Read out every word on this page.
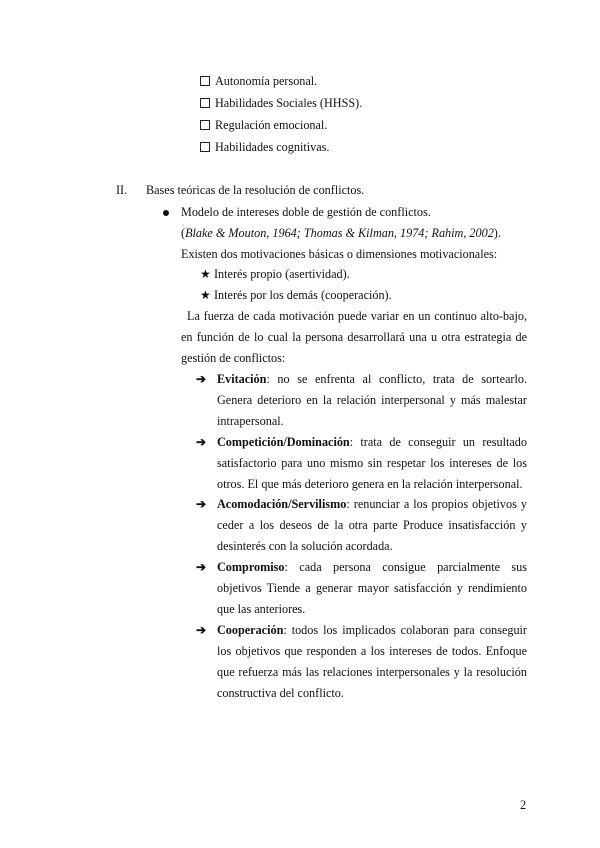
Autonomía personal.
Habilidades Sociales (HHSS).
Regulación emocional.
Habilidades cognitivas.
II. Bases teóricas de la resolución de conflictos.
Modelo de intereses doble de gestión de conflictos.
(Blake & Mouton, 1964; Thomas & Kilman, 1974; Rahim, 2002).
Existen dos motivaciones básicas o dimensiones motivacionales:
★ Interés propio (asertividad).
★ Interés por los demás (cooperación).
La fuerza de cada motivación puede variar en un continuo alto-bajo, en función de lo cual la persona desarrollará una u otra estrategia de gestión de conflictos:
➔ Evitación: no se enfrenta al conflicto, trata de sortearlo. Genera deterioro en la relación interpersonal y más malestar intrapersonal.
➔ Competición/Dominación: trata de conseguir un resultado satisfactorio para uno mismo sin respetar los intereses de los otros. El que más deterioro genera en la relación interpersonal.
➔ Acomodación/Servilismo: renunciar a los propios objetivos y ceder a los deseos de la otra parte Produce insatisfacción y desinterés con la solución acordada.
➔ Compromiso: cada persona consigue parcialmente sus objetivos Tiende a generar mayor satisfacción y rendimiento que las anteriores.
➔ Cooperación: todos los implicados colaboran para conseguir los objetivos que responden a los intereses de todos. Enfoque que refuerza más las relaciones interpersonales y la resolución constructiva del conflicto.
2
